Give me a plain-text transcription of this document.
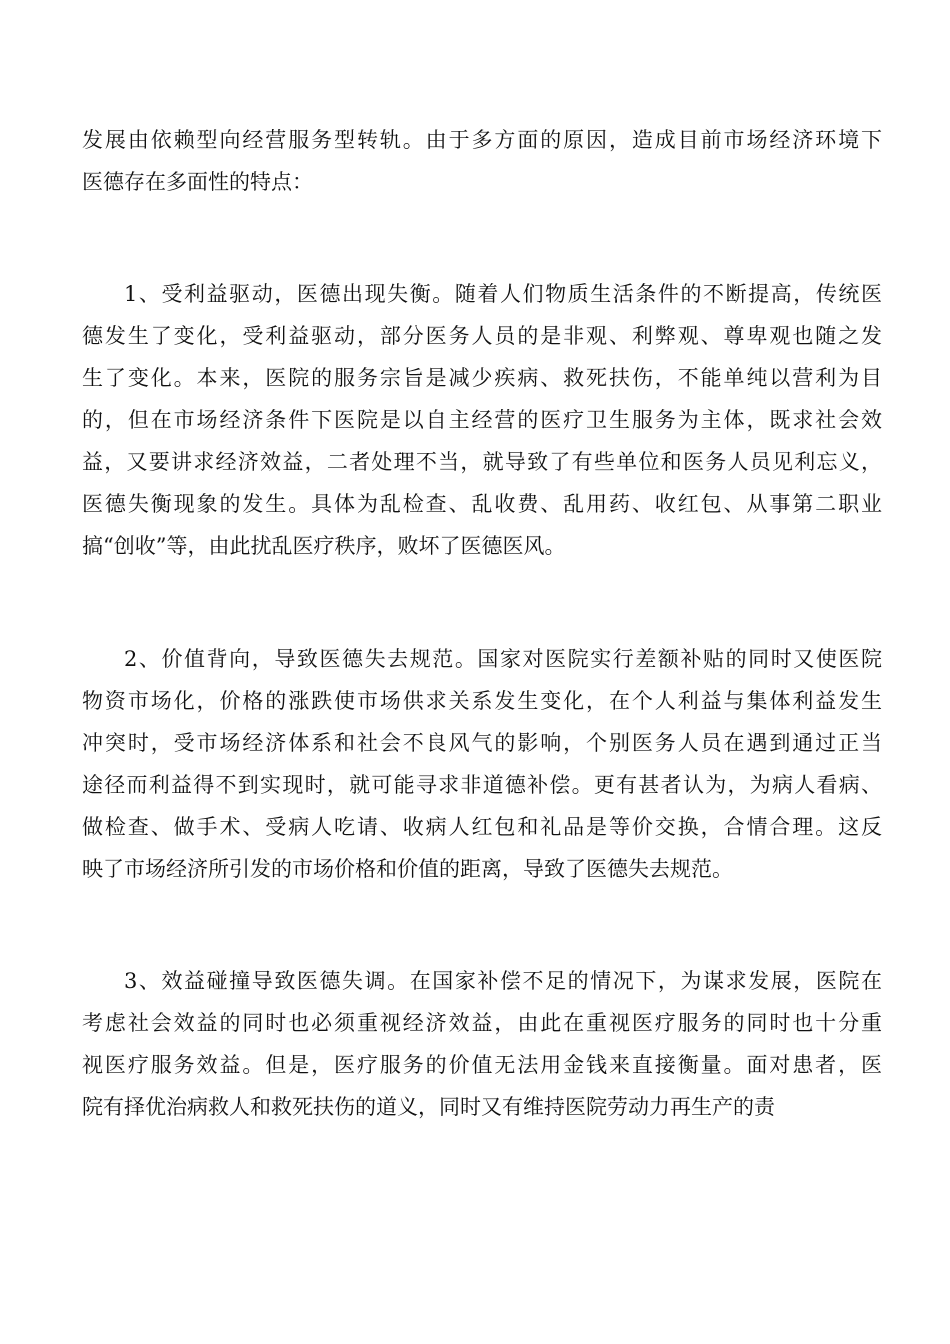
发展由依赖型向经营服务型转轨。由于多方面的原因，造成目前市场经济环境下
医德存在多面性的特点：
1、受利益驱动，医德出现失衡。随着人们物质生活条件的不断提高，传统医
德发生了变化，受利益驱动，部分医务人员的是非观、利弊观、尊卑观也随之发
生了变化。本来，医院的服务宗旨是减少疾病、救死扶伤，不能单纯以营利为目
的，但在市场经济条件下医院是以自主经营的医疗卫生服务为主体，既求社会效
益，又要讲求经济效益，二者处理不当，就导致了有些单位和医务人员见利忘义，
医德失衡现象的发生。具体为乱检查、乱收费、乱用药、收红包、从事第二职业
搞“创收”等，由此扰乱医疗秩序，败坏了医德医风。
2、价值背向，导致医德失去规范。国家对医院实行差额补贴的同时又使医院
物资市场化，价格的涨跌使市场供求关系发生变化，在个人利益与集体利益发生
冲突时，受市场经济体系和社会不良风气的影响，个别医务人员在遇到通过正当
途径而利益得不到实现时，就可能寻求非道德补偿。更有甚者认为，为病人看病、
做检查、做手术、受病人吃请、收病人红包和礼品是等价交换，合情合理。这反
映了市场经济所引发的市场价格和价值的距离，导致了医德失去规范。
3、效益碰撞导致医德失调。在国家补偿不足的情况下，为谋求发展，医院在
考虑社会效益的同时也必须重视经济效益，由此在重视医疗服务的同时也十分重
视医疗服务效益。但是，医疗服务的价值无法用金钱来直接衡量。面对患者，医
院有择优治病救人和救死扶伤的道义，同时又有维持医院劳动力再生产的责
